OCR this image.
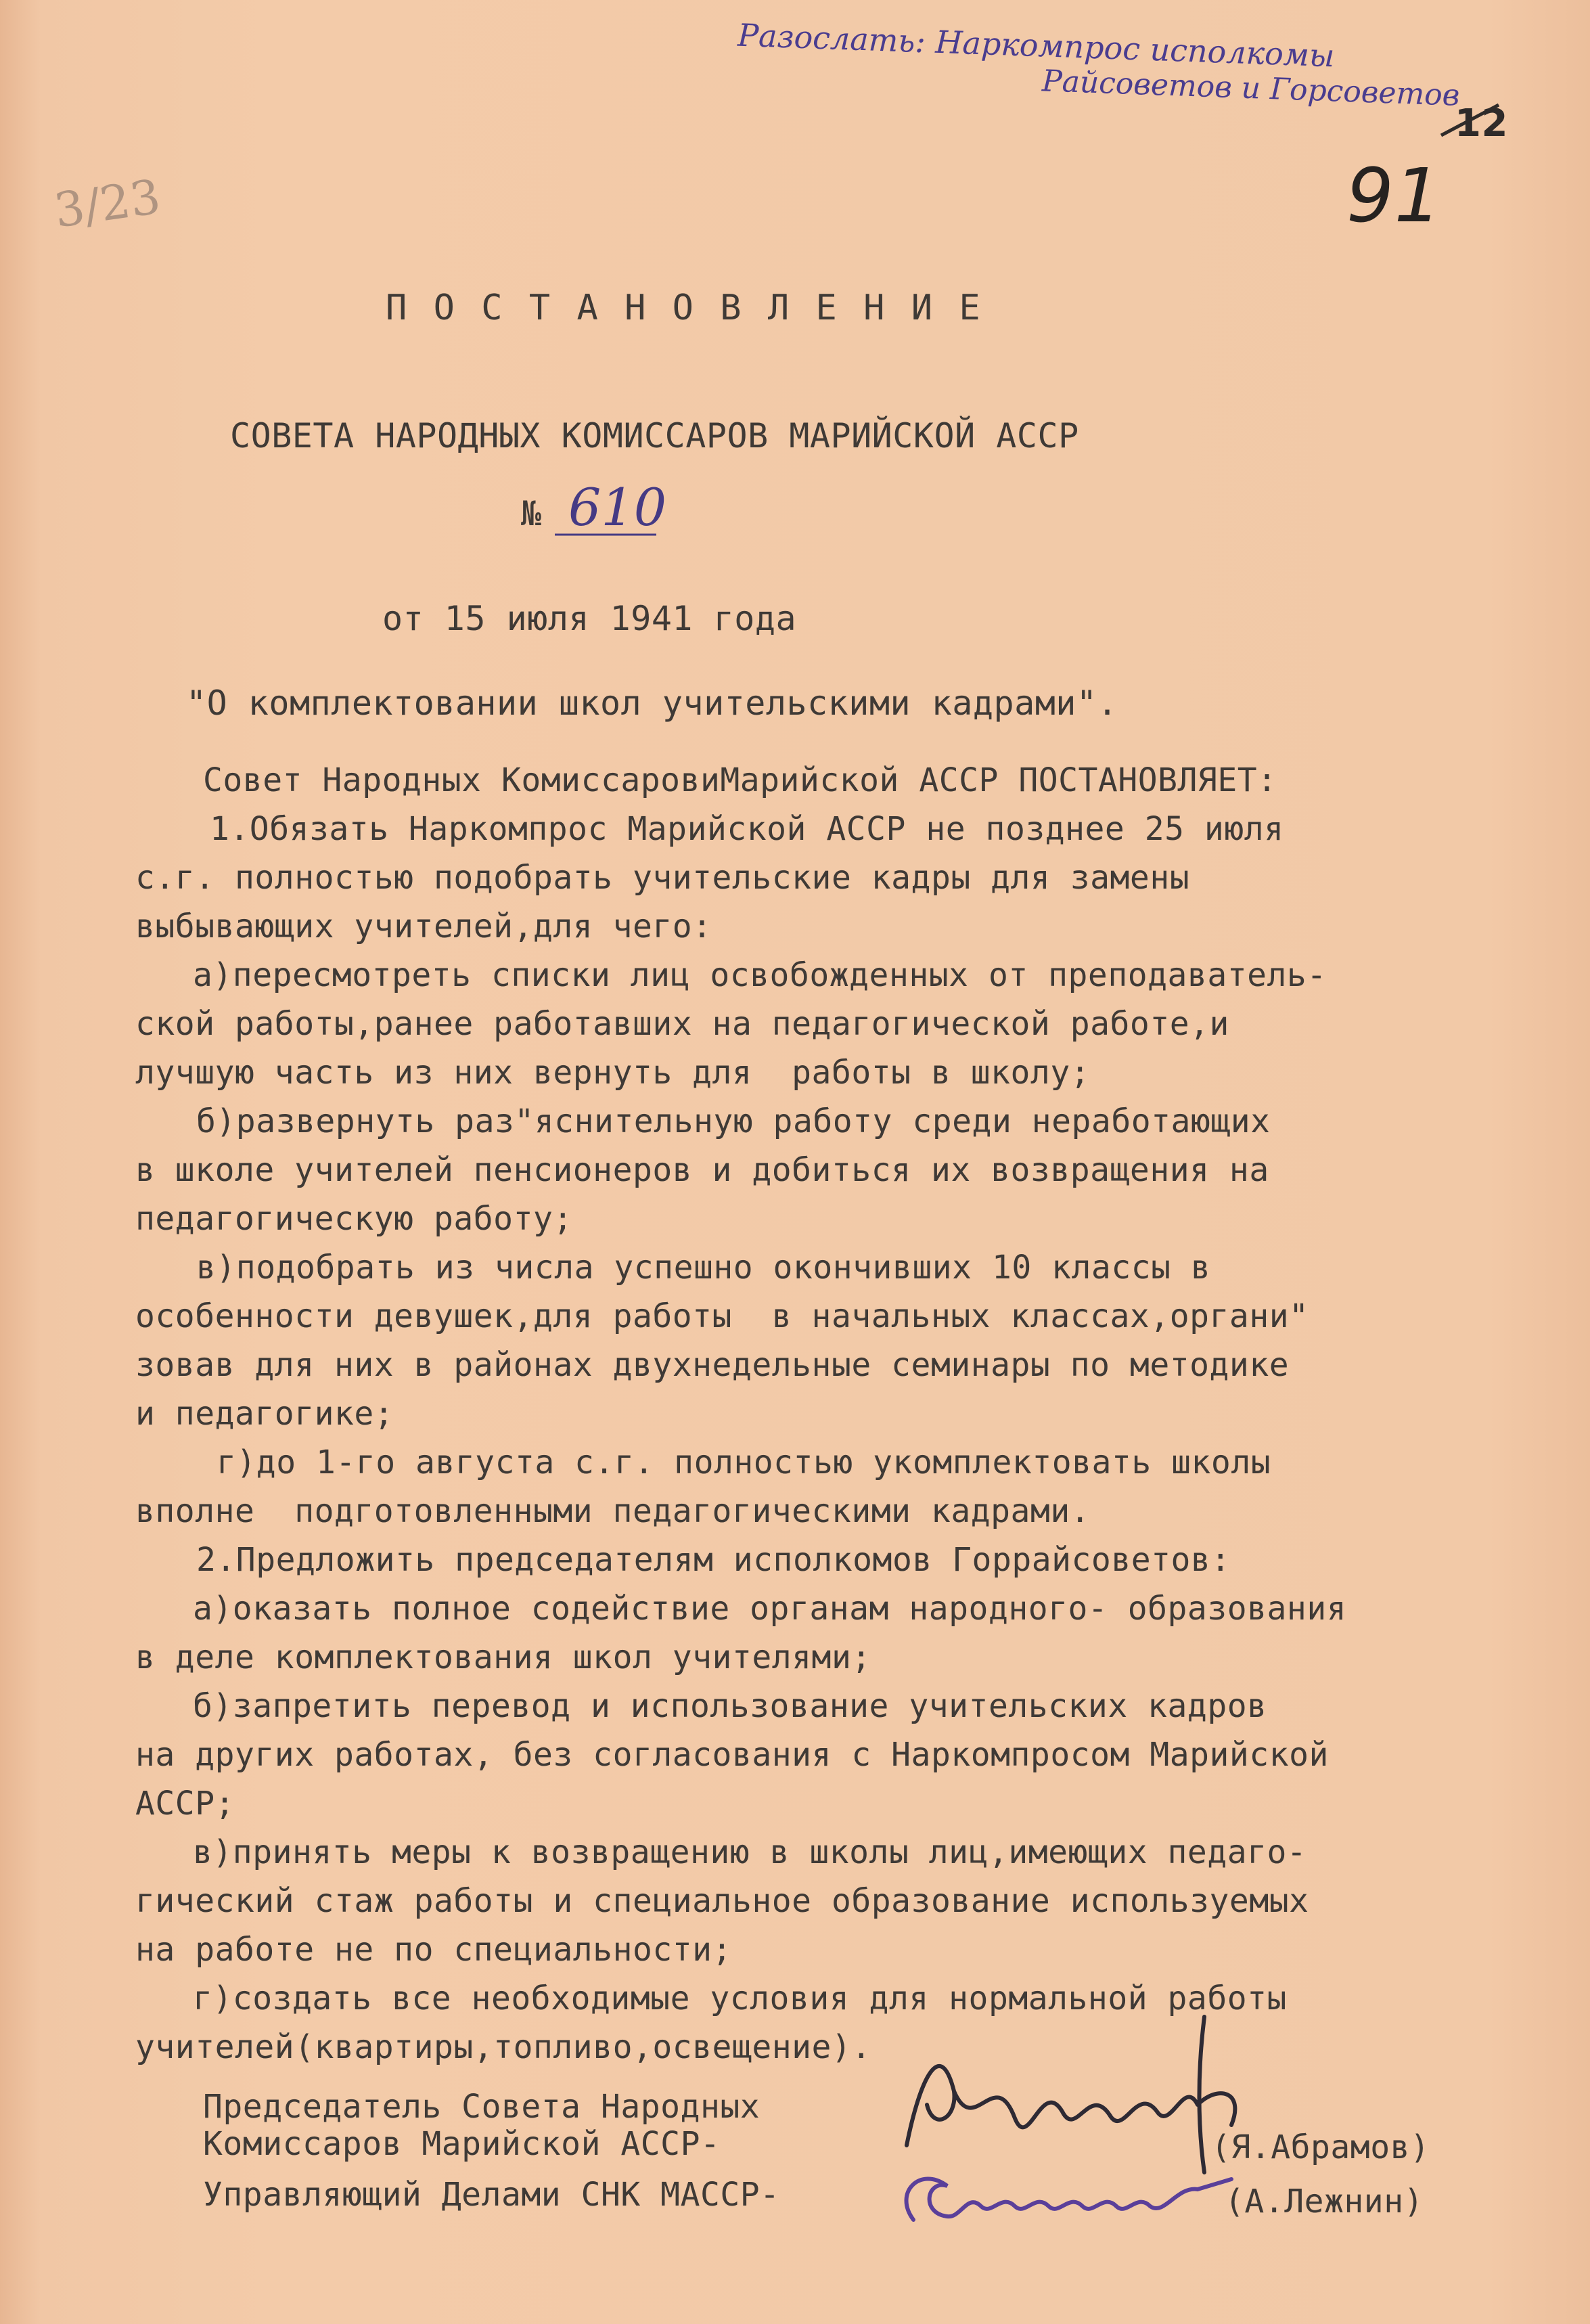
Разослать: Наркомпрос исполкомы
Райсоветов и Горсоветов
12
91
3/23
П О С Т А Н О В Л Е Н И Е
СОВЕТА НАРОДНЫХ КОМИССАРОВ МАРИЙСКОЙ АССР
№ 610
от 15 июля 1941 года
"О комплектовании школ учительскими кадрами".
Совет Народных КомиссаровиМарийской АССР ПОСТАНОВЛЯЕТ:
1.Обязать Наркомпрос Марийской АССР не позднее 25 июля
с.г. полностью подобрать учительские кадры для замены
выбывающих учителей,для чего:
а)пересмотреть списки лиц освобожденных от преподаватель-
ской работы,ранее работавших на педагогической работе,и
лучшую часть из них вернуть для  работы в школу;
б)развернуть раз"яснительную работу среди неработающих
в школе учителей пенсионеров и добиться их возвращения на
педагогическую работу;
в)подобрать из числа успешно окончивших 10 классы в
особенности девушек,для работы  в начальных классах,органи"
зовав для них в районах двухнедельные семинары по методике
и педагогике;
г)до 1-го августа с.г. полностью укомплектовать школы
вполне  подготовленными педагогическими кадрами.
2.Предложить председателям исполкомов Горрайсоветов:
а)оказать полное содействие органам народного- образования
в деле комплектования школ учителями;
б)запретить перевод и использование учительских кадров
на других работах, без согласования с Наркомпросом Марийской
АССР;
в)принять меры к возвращению в школы лиц,имеющих педаго-
гический стаж работы и специальное образование используемых
на работе не по специальности;
г)создать все необходимые условия для нормальной работы
учителей(квартиры,топливо,освещение).
Председатель Совета Народных
Комиссаров Марийской АССР-	(Я.Абрамов)
Управляющий Делами СНК МАССР-	(А.Лежнин)
